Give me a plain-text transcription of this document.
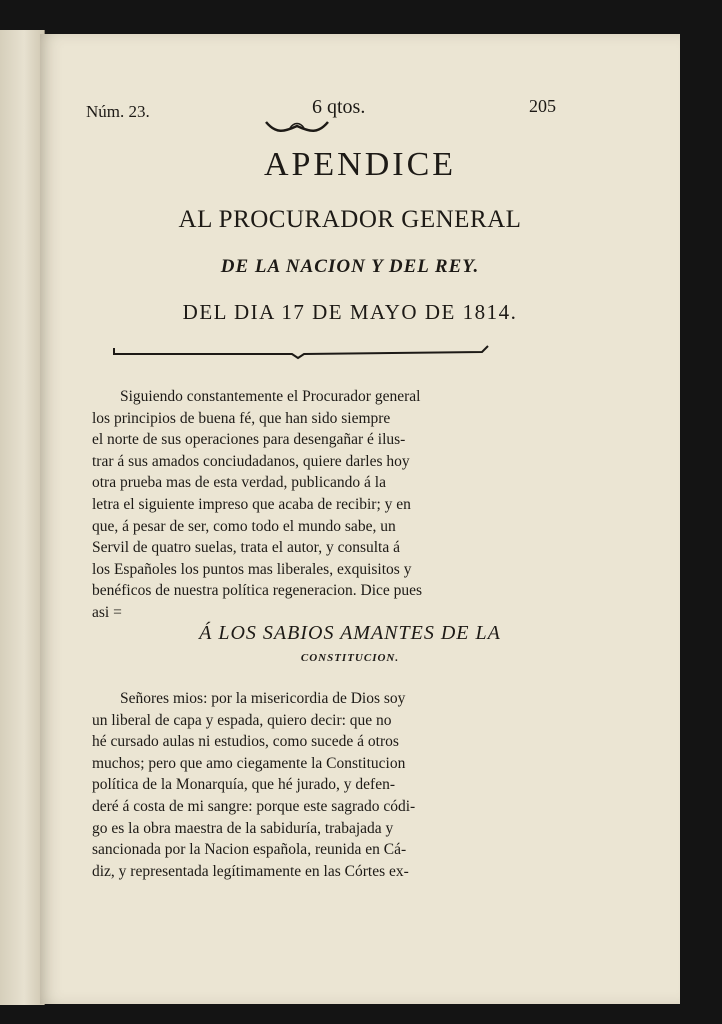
Núm. 23.	6 qtos.	205
APENDICE
AL PROCURADOR GENERAL
DE LA NACION Y DEL REY.
DEL DIA 17 DE MAYO DE 1814.
Siguiendo constantemente el Procurador general
los principios de buena fé, que han sido siempre
el norte de sus operaciones para desengañar é ilus-
trar á sus amados conciudadanos, quiere darles hoy
otra prueba mas de esta verdad, publicando á la
letra el siguiente impreso que acaba de recibir; y en
que, á pesar de ser, como todo el mundo sabe, un
Servil de quatro suelas, trata el autor, y consulta á
los Españoles los puntos mas liberales, exquisitos y
benéficos de nuestra política regeneracion. Dice pues
asi =
Á LOS SABIOS AMANTES DE LA
CONSTITUCION.
Señores mios: por la misericordia de Dios soy
un liberal de capa y espada, quiero decir: que no
hé cursado aulas ni estudios, como sucede á otros
muchos; pero que amo ciegamente la Constitucion
política de la Monarquía, que hé jurado, y defen-
deré á costa de mi sangre: porque este sagrado códi-
go es la obra maestra de la sabiduría, trabajada y
sancionada por la Nacion española, reunida en Cá-
diz, y representada legítimamente en las Córtes ex-
